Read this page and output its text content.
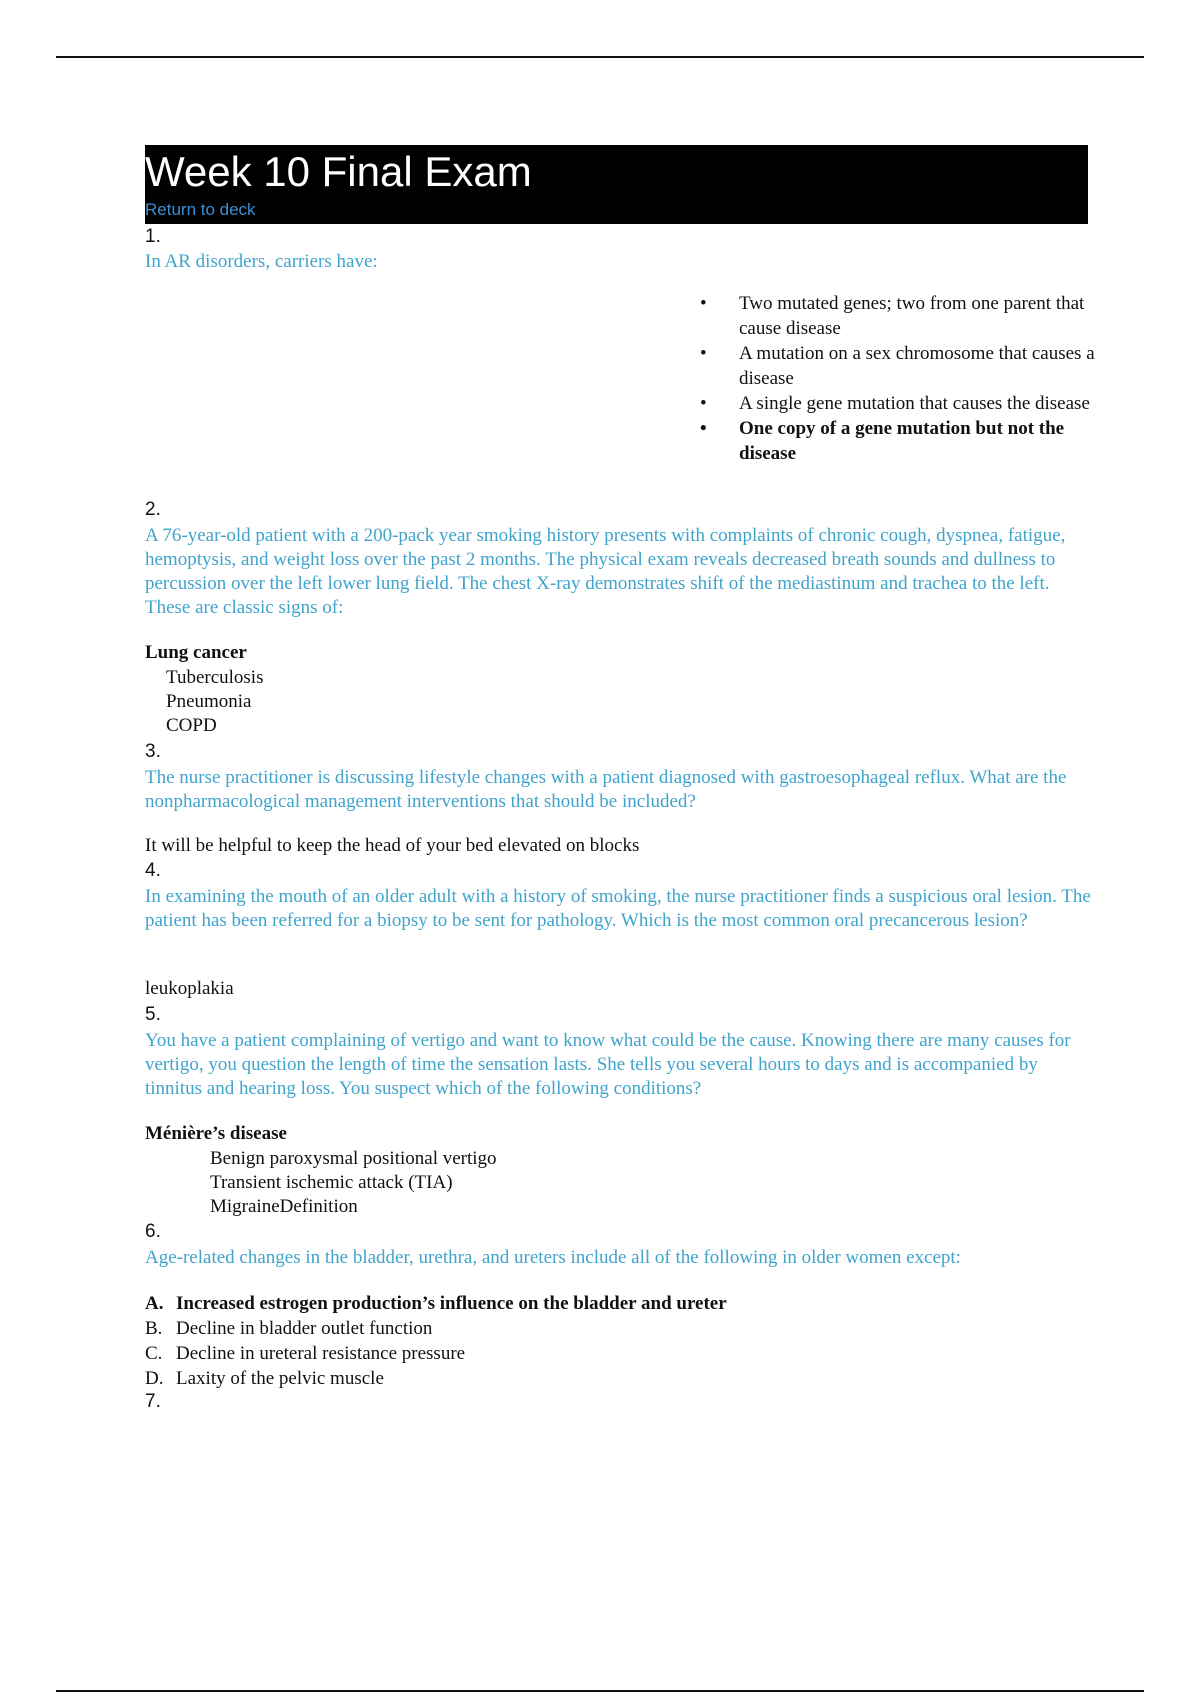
Week 10 Final Exam
Return to deck
1.
In AR disorders, carriers have:
• Two mutated genes; two from one parent that cause disease
• A mutation on a sex chromosome that causes a disease
• A single gene mutation that causes the disease
• One copy of a gene mutation but not the disease
2.
A 76-year-old patient with a 200-pack year smoking history presents with complaints of chronic cough, dyspnea, fatigue, hemoptysis, and weight loss over the past 2 months. The physical exam reveals decreased breath sounds and dullness to percussion over the left lower lung field. The chest X-ray demonstrates shift of the mediastinum and trachea to the left. These are classic signs of:
Lung cancer
Tuberculosis
Pneumonia
COPD
3.
The nurse practitioner is discussing lifestyle changes with a patient diagnosed with gastroesophageal reflux. What are the nonpharmacological management interventions that should be included?
It will be helpful to keep the head of your bed elevated on blocks
4.
In examining the mouth of an older adult with a history of smoking, the nurse practitioner finds a suspicious oral lesion. The patient has been referred for a biopsy to be sent for pathology. Which is the most common oral precancerous lesion?
leukoplakia
5.
You have a patient complaining of vertigo and want to know what could be the cause. Knowing there are many causes for vertigo, you question the length of time the sensation lasts. She tells you several hours to days and is accompanied by tinnitus and hearing loss. You suspect which of the following conditions?
Ménière’s disease
Benign paroxysmal positional vertigo
Transient ischemic attack (TIA)
MigraineDefinition
6.
Age-related changes in the bladder, urethra, and ureters include all of the following in older women except:
A. Increased estrogen production’s influence on the bladder and ureter
B. Decline in bladder outlet function
C. Decline in ureteral resistance pressure
D. Laxity of the pelvic muscle
7.
